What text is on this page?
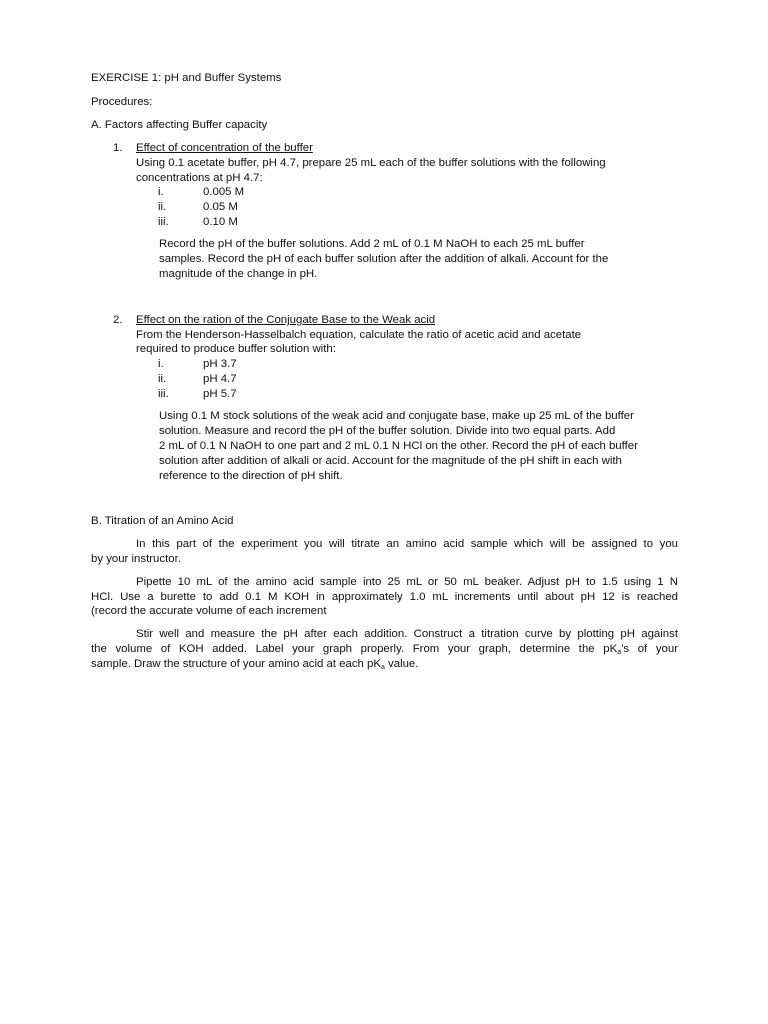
EXERCISE 1: pH and Buffer Systems
Procedures:
A. Factors affecting Buffer capacity
1. Effect of concentration of the buffer
Using 0.1 acetate buffer, pH 4.7, prepare 25 mL each of the buffer solutions with the following
concentrations at pH 4.7:
i.	0.005 M
ii.	0.05 M
iii.	0.10 M
Record the pH of the buffer solutions. Add 2 mL of 0.1 M NaOH to each 25 mL buffer
samples. Record the pH of each buffer solution after the addition of alkali. Account for the
magnitude of the change in pH.
2. Effect on the ration of the Conjugate Base to the Weak acid
From the Henderson-Hasselbalch equation, calculate the ratio of acetic acid and acetate
required to produce buffer solution with:
i.	pH 3.7
ii.	pH 4.7
iii.	pH 5.7
Using 0.1 M stock solutions of the weak acid and conjugate base, make up 25 mL of the buffer
solution. Measure and record the pH of the buffer solution. Divide into two equal parts. Add
2 mL of 0.1 N NaOH to one part and 2 mL 0.1 N HCl on the other. Record the pH of each buffer
solution after addition of alkali or acid. Account for the magnitude of the pH shift in each with
reference to the direction of pH shift.
B. Titration of an Amino Acid
In this part of the experiment you will titrate an amino acid sample which will be assigned to you
by your instructor.
Pipette 10 mL of the amino acid sample into 25 mL or 50 mL beaker. Adjust pH to 1.5 using 1 N
HCl. Use a burette to add 0.1 M KOH in approximately 1.0 mL increments until about pH 12 is reached
(record the accurate volume of each increment
Stir well and measure the pH after each addition. Construct a titration curve by plotting pH against
the volume of KOH added. Label your graph properly. From your graph, determine the $pK_a’s$ of your
sample. Draw the structure of your amino acid at each $pK_a$ value.
